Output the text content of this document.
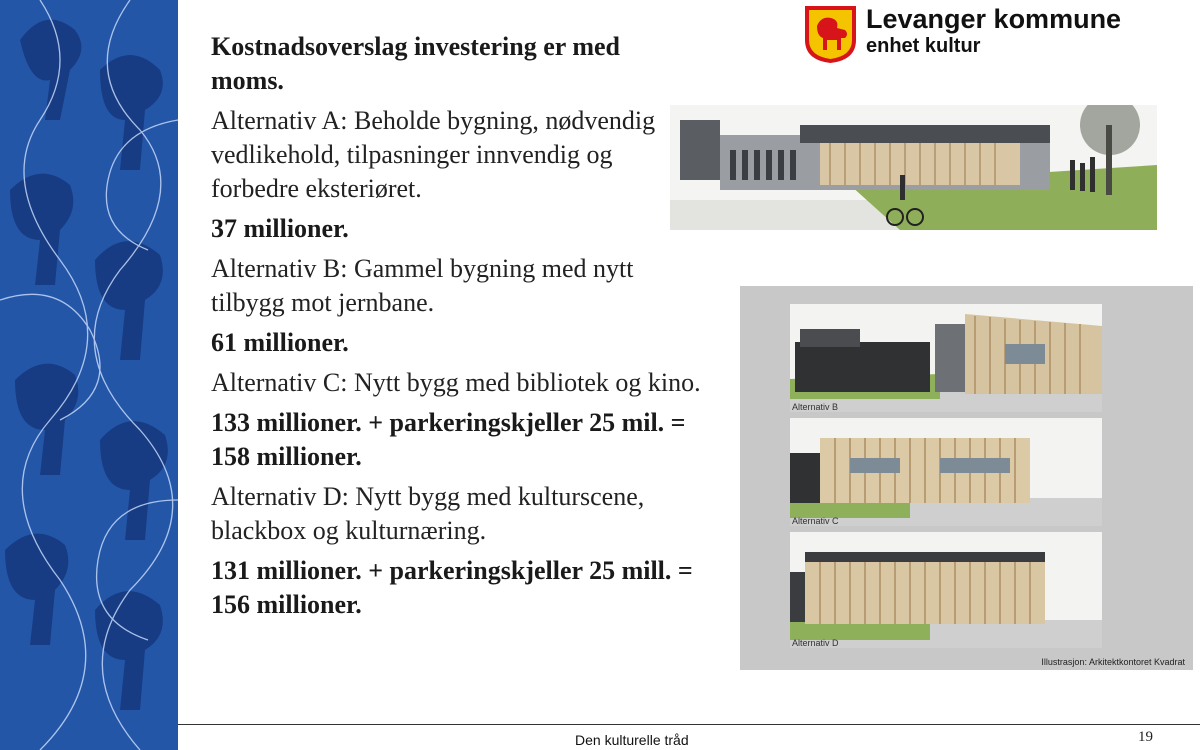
Levanger kommune
enhet kultur
Kostnadsoverslag investering er med moms.
Alternativ A: Beholde bygning, nødvendig vedlikehold, tilpasninger innvendig og forbedre eksteriøret.
37 millioner.
Alternativ B: Gammel bygning med nytt tilbygg mot jernbane.
61 millioner.
Alternativ C: Nytt bygg med bibliotek og kino.
133 millioner. + parkeringskjeller 25 mil. = 158 millioner.
Alternativ D: Nytt bygg med kulturscene, blackbox og kulturnæring.
131 millioner. + parkeringskjeller 25 mill. = 156 millioner.
Alternativ B
Alternativ C
Alternativ D
Illustrasjon: Arkitektkontoret Kvadrat
Den kulturelle tråd	19
